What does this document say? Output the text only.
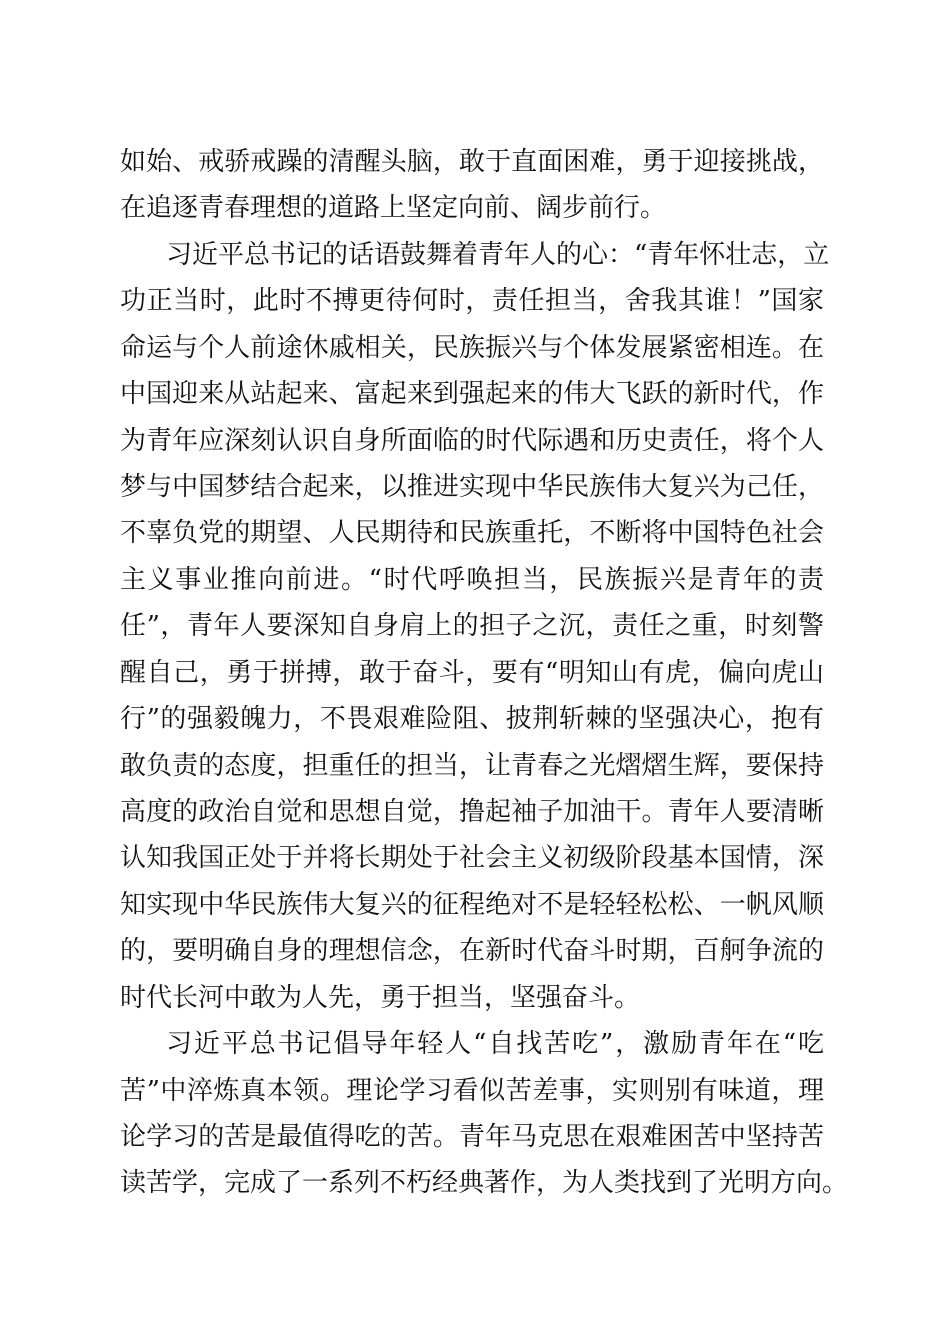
如始、戒骄戒躁的清醒头脑，敢于直面困难，勇于迎接挑战，
在追逐青春理想的道路上坚定向前、阔步前行。
习近平总书记的话语鼓舞着青年人的心：“青年怀壮志，立
功正当时，此时不搏更待何时，责任担当，舍我其谁！”国家
命运与个人前途休戚相关，民族振兴与个体发展紧密相连。在
中国迎来从站起来、富起来到强起来的伟大飞跃的新时代，作
为青年应深刻认识自身所面临的时代际遇和历史责任，将个人
梦与中国梦结合起来，以推进实现中华民族伟大复兴为己任，
不辜负党的期望、人民期待和民族重托，不断将中国特色社会
主义事业推向前进。“时代呼唤担当，民族振兴是青年的责
任”，青年人要深知自身肩上的担子之沉，责任之重，时刻警
醒自己，勇于拼搏，敢于奋斗，要有“明知山有虎，偏向虎山
行”的强毅魄力，不畏艰难险阻、披荆斩棘的坚强决心，抱有
敢负责的态度，担重任的担当，让青春之光熠熠生辉，要保持
高度的政治自觉和思想自觉，撸起袖子加油干。青年人要清晰
认知我国正处于并将长期处于社会主义初级阶段基本国情，深
知实现中华民族伟大复兴的征程绝对不是轻轻松松、一帆风顺
的，要明确自身的理想信念，在新时代奋斗时期，百舸争流的
时代长河中敢为人先，勇于担当，坚强奋斗。
习近平总书记倡导年轻人“自找苦吃”，激励青年在“吃
苦”中淬炼真本领。理论学习看似苦差事，实则别有味道，理
论学习的苦是最值得吃的苦。青年马克思在艰难困苦中坚持苦
读苦学，完成了一系列不朽经典著作，为人类找到了光明方向。
